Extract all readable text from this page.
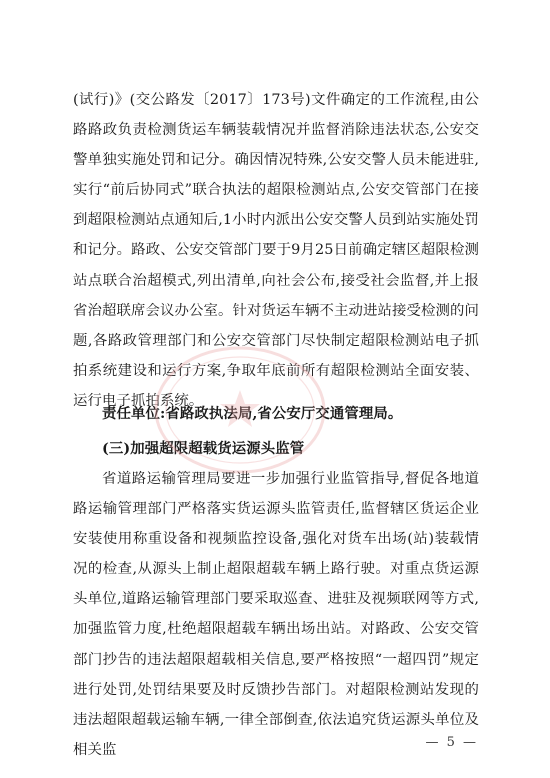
(试行)》(交公路发〔2017〕173号)文件确定的工作流程,由公路路政负责检测货运车辆装载情况并监督消除违法状态,公安交警单独实施处罚和记分。确因情况特殊,公安交警人员未能进驻,实行“前后协同式”联合执法的超限检测站点,公安交管部门在接到超限检测站点通知后,1小时内派出公安交警人员到站实施处罚和记分。路政、公安交管部门要于9月25日前确定辖区超限检测站点联合治超模式,列出清单,向社会公布,接受社会监督,并上报省治超联席会议办公室。针对货运车辆不主动进站接受检测的问题,各路政管理部门和公安交管部门尽快制定超限检测站电子抓拍系统建设和运行方案,争取年底前所有超限检测站全面安装、运行电子抓拍系统。

责任单位:省路政执法局,省公安厅交通管理局。

(三)加强超限超载货运源头监管

省道路运输管理局要进一步加强行业监管指导,督促各地道路运输管理部门严格落实货运源头监管责任,监督辖区货运企业安装使用称重设备和视频监控设备,强化对货车出场(站)装载情况的检查,从源头上制止超限超载车辆上路行驶。对重点货运源头单位,道路运输管理部门要采取巡查、进驻及视频联网等方式,加强监管力度,杜绝超限超载车辆出场出站。对路政、公安交管部门抄告的违法超限超载相关信息,要严格按照“一超四罚”规定进行处罚,处罚结果要及时反馈抄告部门。对超限检测站发现的违法超限超载运输车辆,一律全部倒查,依法追究货运源头单位及相关监	— 5 —
